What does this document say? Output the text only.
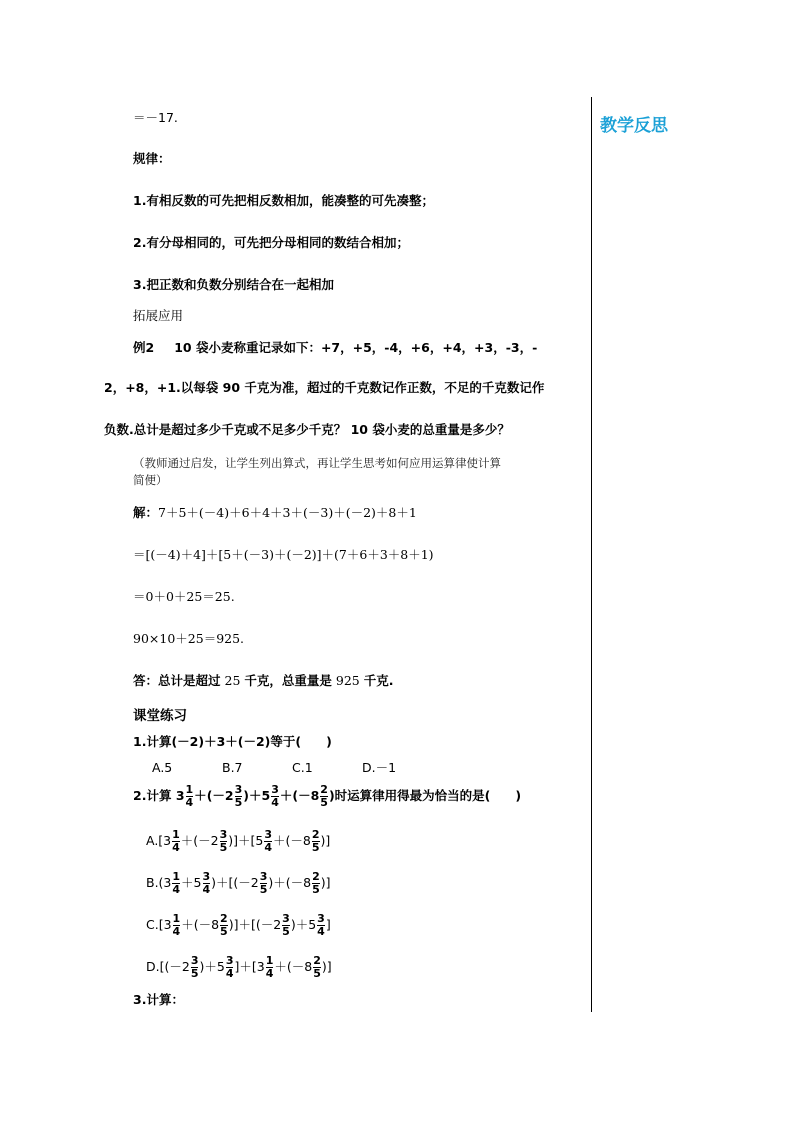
教学反思
＝－17.
规律：
1.有相反数的可先把相反数相加，能凑整的可先凑整；
2.有分母相同的，可先把分母相同的数结合相加；
3.把正数和负数分别结合在一起相加
拓展应用
例2 10 袋小麦称重记录如下：+7，+5，-4，+6，+4，+3，-3，-
2，+8，+1.以每袋 90 千克为准，超过的千克数记作正数，不足的千克数记作
负数.总计是超过多少千克或不足多少千克？ 10 袋小麦的总重量是多少？
（教师通过启发，让学生列出算式，再让学生思考如何应用运算律使计算
简便）
解：7＋5＋(－4)＋6＋4＋3＋(－3)＋(－2)＋8＋1
＝[(－4)＋4]＋[5＋(－3)＋(－2)]＋(7＋6＋3＋8＋1)
＝0＋0＋25＝25.
90×10＋25＝925.
答：总计是超过 25 千克，总重量是 925 千克.
课堂练习
1.计算(－2)＋3＋(－2)等于(　　)
A.5	B.7	C.1	D.－1
2.计算 $3 \frac{1}{4} +(-2 \frac{3}{5} )+5 \frac{3}{4} +(-8 \frac{2}{5}$ )时运算律用得最为恰当的是(　　)
$A.[3 \frac{1}{4} +(-2 \frac{3}{5} )]+[5 \frac{3}{4} +(-8 \frac{2}{5}$ )]
$B.(3 \frac{1}{4} +5 \frac{3}{4} )+[(-2 \frac{3}{5} )+(-8 \frac{2}{5}$ )]
$C.[3 \frac{1}{4} +(-8 \frac{2}{5} )]+[(-2 \frac{3}{5} )+5 \frac{3}{4}$ ]
$D.[(-2 \frac{3}{5} )+5 \frac{3}{4} ]+[3 \frac{1}{4} +(-8 \frac{2}{5}$ )]
3.计算：
